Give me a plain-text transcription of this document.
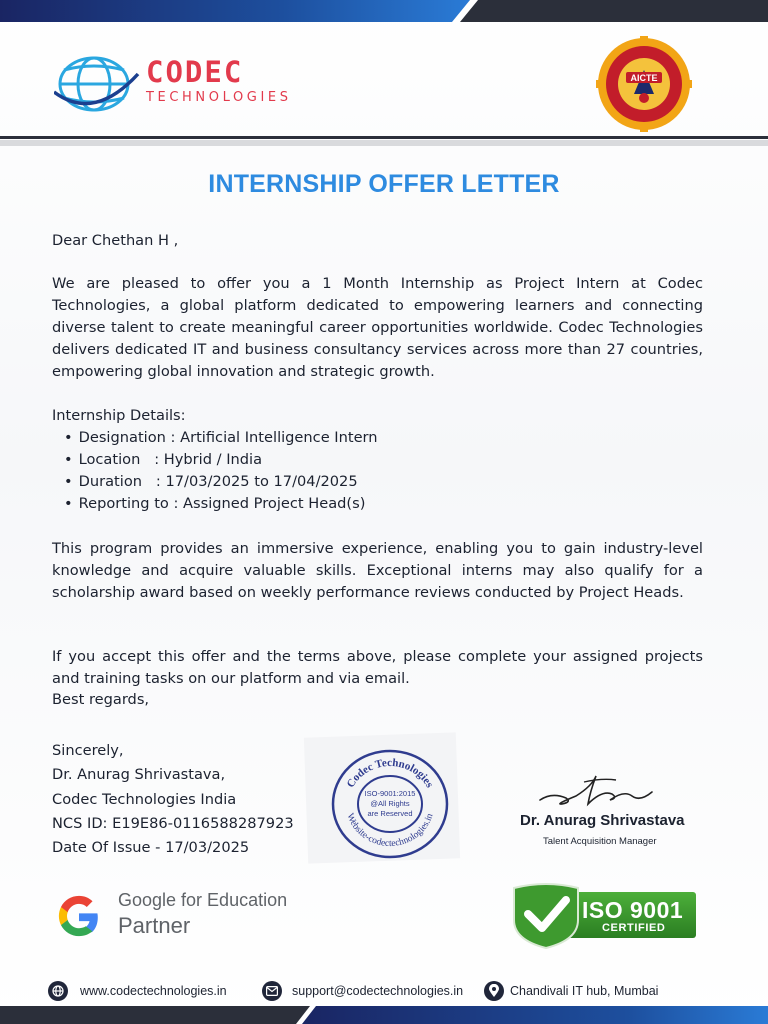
CODEC
TECHNOLOGIES
AICTE
INTERNSHIP OFFER LETTER
Dear Chethan H ,
We are pleased to offer you a 1 Month Internship as Project Intern at Codec Technologies, a global platform dedicated to empowering learners and connecting diverse talent to create meaningful career opportunities worldwide. Codec Technologies delivers dedicated IT and business consultancy services across more than 27 countries, empowering global innovation and strategic growth.
Internship Details:
• Designation : Artificial Intelligence Intern
• Location   : Hybrid / India
• Duration   : 17/03/2025 to 17/04/2025
• Reporting to : Assigned Project Head(s)
This program provides an immersive experience, enabling you to gain industry-level knowledge and acquire valuable skills. Exceptional interns may also qualify for a scholarship award based on weekly performance reviews conducted by Project Heads.
If you accept this offer and the terms above, please complete your assigned projects and training tasks on our platform and via email.
Best regards,
Sincerely,
Dr. Anurag Shrivastava,
Codec Technologies India
NCS ID: E19E86-0116588287923
Date Of Issue - 17/03/2025
Codec Technologies
Website-codectechnologies.in
ISO-9001:2015
@All Rights
are Reserved	Dr. Anurag Shrivastava
Talent Acquisition Manager
Google for Education
Partner
ISO 9001
CERTIFIED
www.codectechnologies.in	support@codectechnologies.in	Chandivali IT hub, Mumbai
